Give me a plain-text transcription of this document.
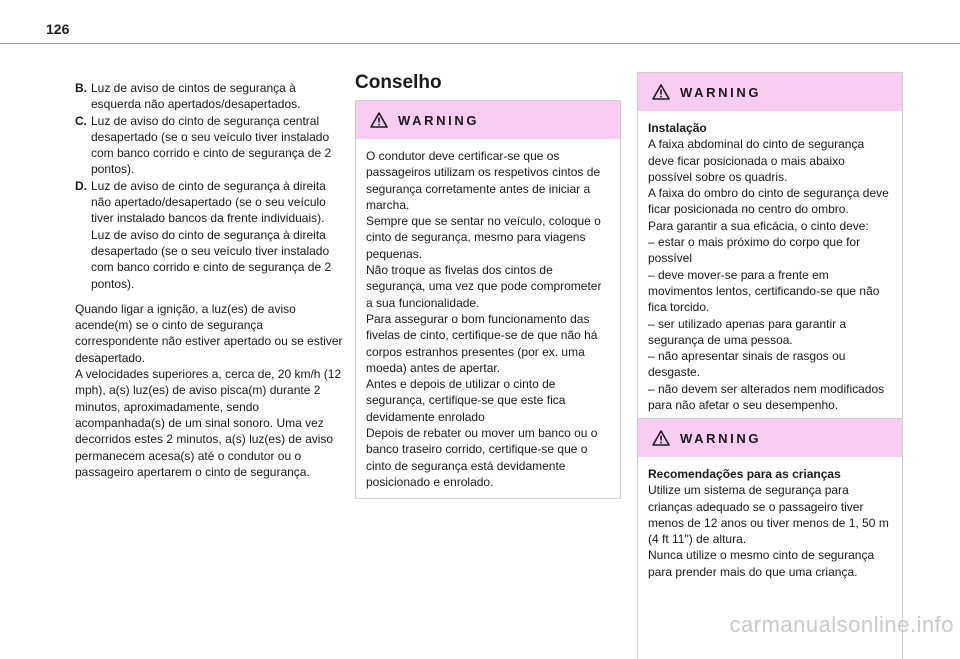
126
B. Luz de aviso de cintos de segurança à esquerda não apertados/desapertados.
C. Luz de aviso do cinto de segurança central desapertado (se o seu veículo tiver instalado com banco corrido e cinto de segurança de 2 pontos).
D. Luz de aviso de cinto de segurança à direita não apertado/desapertado (se o seu veículo tiver instalado bancos da frente individuais). Luz de aviso do cinto de segurança à direita desapertado (se o seu veículo tiver instalado com banco corrido e cinto de segurança de 2 pontos).
Quando ligar a ignição, a luz(es) de aviso acende(m) se o cinto de segurança correspondente não estiver apertado ou se estiver desapertado.
A velocidades superiores a, cerca de, 20 km/h (12 mph), a(s) luz(es) de aviso pisca(m) durante 2 minutos, aproximadamente, sendo acompanhada(s) de um sinal sonoro. Uma vez decorridos estes 2 minutos, a(s) luz(es) de aviso permanecem acesa(s) até o condutor ou o passageiro apertarem o cinto de segurança.
Conselho
WARNING
O condutor deve certificar-se que os passageiros utilizam os respetivos cintos de segurança corretamente antes de iniciar a marcha.
Sempre que se sentar no veículo, coloque o cinto de segurança, mesmo para viagens pequenas.
Não troque as fivelas dos cintos de segurança, uma vez que pode comprometer a sua funcionalidade.
Para assegurar o bom funcionamento das fivelas de cinto, certifique-se de que não há corpos estranhos presentes (por ex. uma moeda) antes de apertar.
Antes e depois de utilizar o cinto de segurança, certifique-se que este fica devidamente enrolado
Depois de rebater ou mover um banco ou o banco traseiro corrido, certifique-se que o cinto de segurança está devidamente posicionado e enrolado.
WARNING
Instalação
A faixa abdominal do cinto de segurança deve ficar posicionada o mais abaixo possível sobre os quadris.
A faixa do ombro do cinto de segurança deve ficar posicionada no centro do ombro.
Para garantir a sua eficácia, o cinto deve:
– estar o mais próximo do corpo que for possível
– deve mover-se para a frente em movimentos lentos, certificando-se que não fica torcido.
– ser utilizado apenas para garantir a segurança de uma pessoa.
– não apresentar sinais de rasgos ou desgaste.
– não devem ser alterados nem modificados para não afetar o seu desempenho.
WARNING
Recomendações para as crianças
Utilize um sistema de segurança para crianças adequado se o passageiro tiver menos de 12 anos ou tiver menos de 1, 50 m (4 ft 11") de altura.
Nunca utilize o mesmo cinto de segurança para prender mais do que uma criança.
carmanualsonline.info
